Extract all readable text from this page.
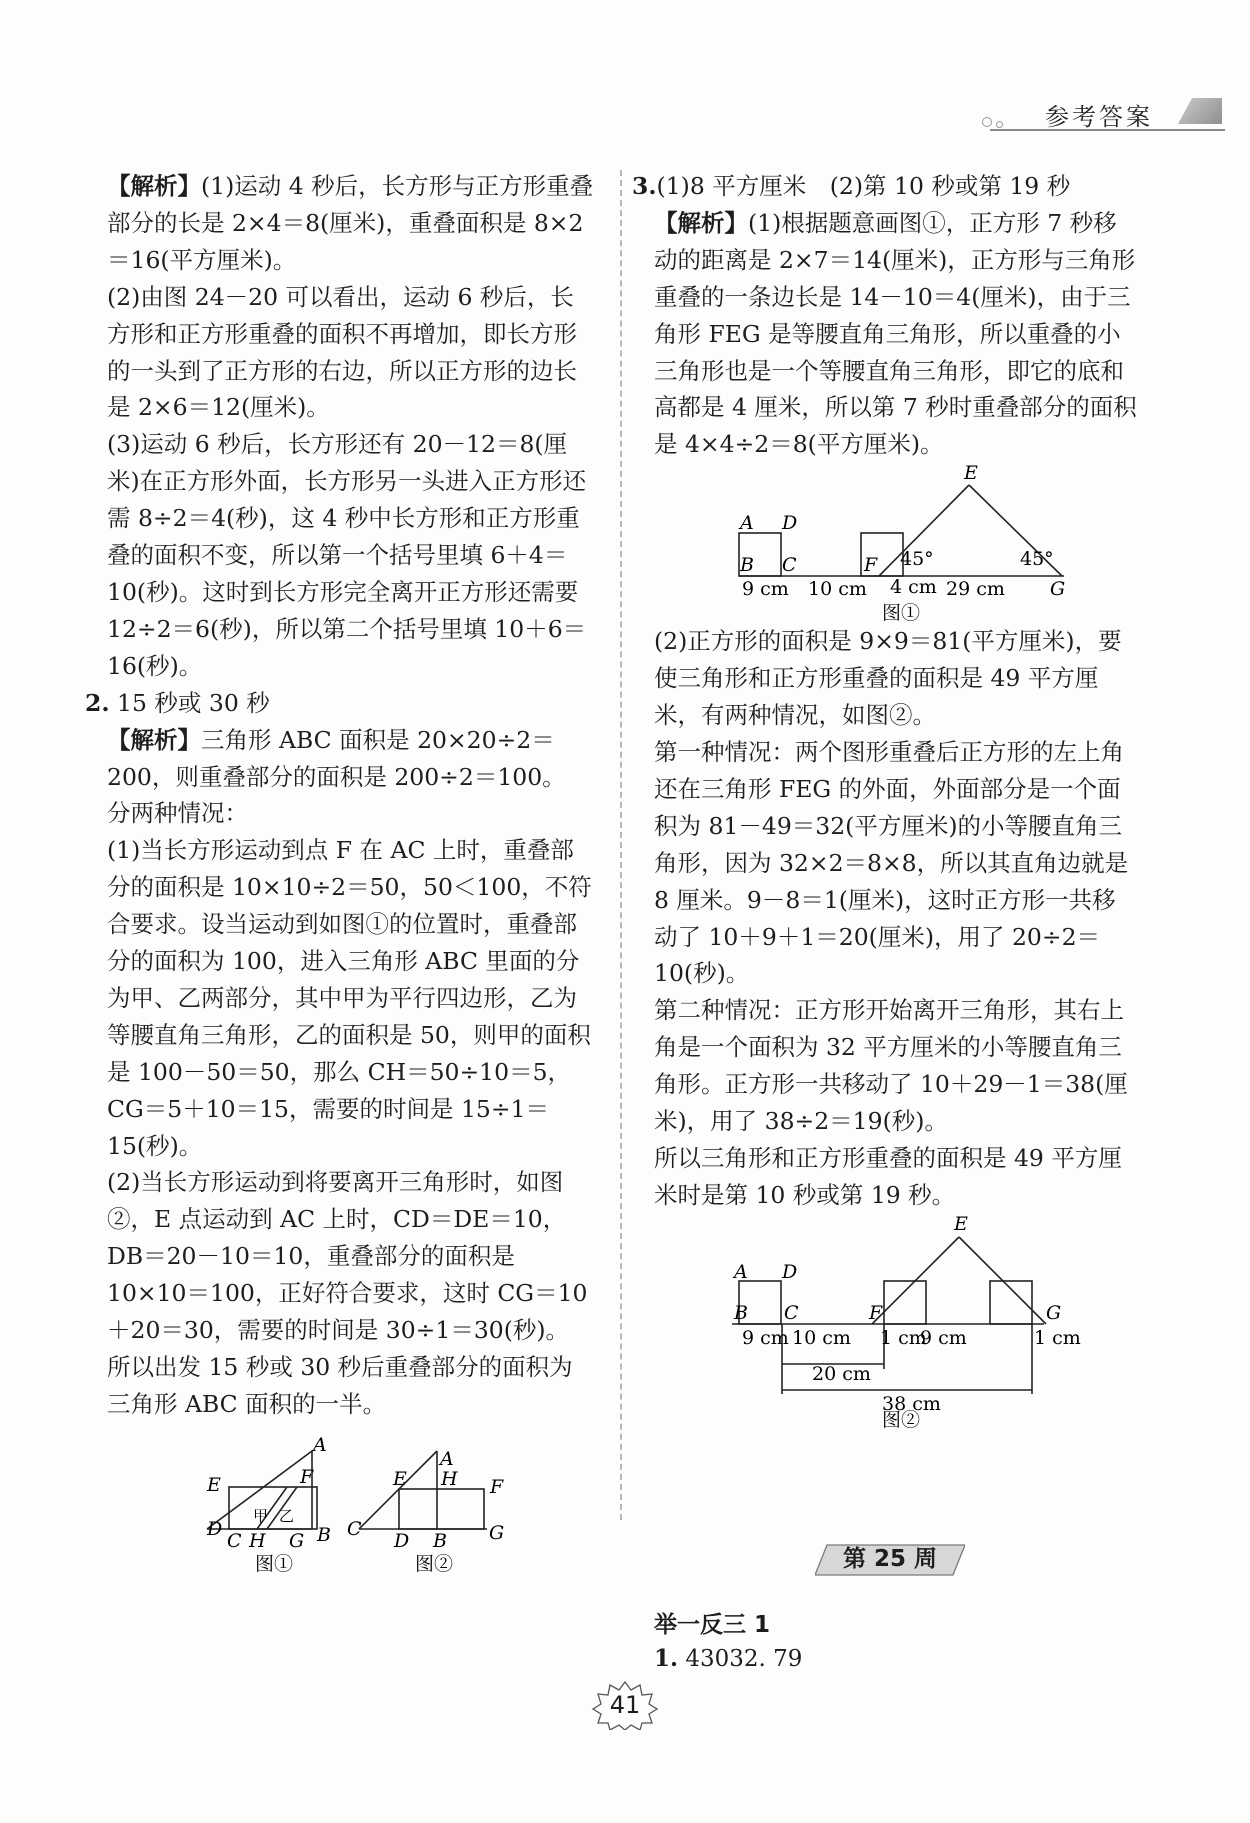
参考答案

【解析】(1)运动 4 秒后，长方形与正方形重叠部分的长是 2×4＝8(厘米)，重叠面积是 8×2＝16(平方厘米)。

(2)由图 24－20 可以看出，运动 6 秒后，长方形和正方形重叠的面积不再增加，即长方形的一头到了正方形的右边，所以正方形的边长是 2×6＝12(厘米)。

(3)运动 6 秒后，长方形还有 20－12＝8(厘米)在正方形外面，长方形另一头进入正方形还需 8÷2＝4(秒)，这 4 秒中长方形和正方形重叠的面积不变，所以第一个括号里填 6＋4＝10(秒)。这时到长方形完全离开正方形还需要 12÷2＝6(秒)，所以第二个括号里填 10＋6＝16(秒)。

2. 15 秒或 30 秒

【解析】三角形 ABC 面积是 20×20÷2＝200，则重叠部分的面积是 200÷2＝100。

分两种情况：

(1)当长方形运动到点 F 在 AC 上时，重叠部分的面积是 10×10÷2＝50，50＜100，不符合要求。设当运动到如图①的位置时，重叠部分的面积为 100，进入三角形 ABC 里面的分为甲、乙两部分，其中甲为平行四边形，乙为等腰直角三角形，乙的面积是 50，则甲的面积是 100－50＝50，那么 CH＝50÷10＝5，CG＝5＋10＝15，需要的时间是 15÷1＝15(秒)。

(2)当长方形运动到将要离开三角形时，如图②，E 点运动到 AC 上时，CD＝DE＝10，DB＝20－10＝10，重叠部分的面积是 10×10＝100，正好符合要求，这时 CG＝10＋20＝30，需要的时间是 30÷1＝30(秒)。

所以出发 15 秒或 30 秒后重叠部分的面积为三角形 ABC 面积的一半。

A
F
E
甲 乙
D
C H G B
图①
A
E H F
C
D B G
图②

3.(1)8 平方厘米　(2)第 10 秒或第 19 秒

【解析】(1)根据题意画图①，正方形 7 秒移动的距离是 2×7＝14(厘米)，正方形与三角形重叠的一条边长是 14－10＝4(厘米)，由于三角形 FEG 是等腰直角三角形，所以重叠的小三角形也是一个等腰直角三角形，即它的底和高都是 4 厘米，所以第 7 秒时重叠部分的面积是 4×4÷2＝8(平方厘米)。

A D
B C	F
E
G
45°	45°
9 cm 10 cm 4 cm 29 cm
图①

(2)正方形的面积是 9×9＝81(平方厘米)，要使三角形和正方形重叠的面积是 49 平方厘米，有两种情况，如图②。

第一种情况：两个图形重叠后正方形的左上角还在三角形 FEG 的外面，外面部分是一个面积为 81－49＝32(平方厘米)的小等腰直角三角形，因为 32×2＝8×8，所以其直角边就是 8 厘米。9－8＝1(厘米)，这时正方形一共移动了 10＋9＋1＝20(厘米)，用了 20÷2＝10(秒)。

第二种情况：正方形开始离开三角形，其右上角是一个面积为 32 平方厘米的小等腰直角三角形。正方形一共移动了 10＋29－1＝38(厘米)，用了 38÷2＝19(秒)。

所以三角形和正方形重叠的面积是 49 平方厘米时是第 10 秒或第 19 秒。

A D
E
B C	F	G
9 cm 10 cm 1 cm
9 cm	1 cm
20 cm
38 cm
图②
第 25 周
举一反三 1
1. 43032. 79
41
